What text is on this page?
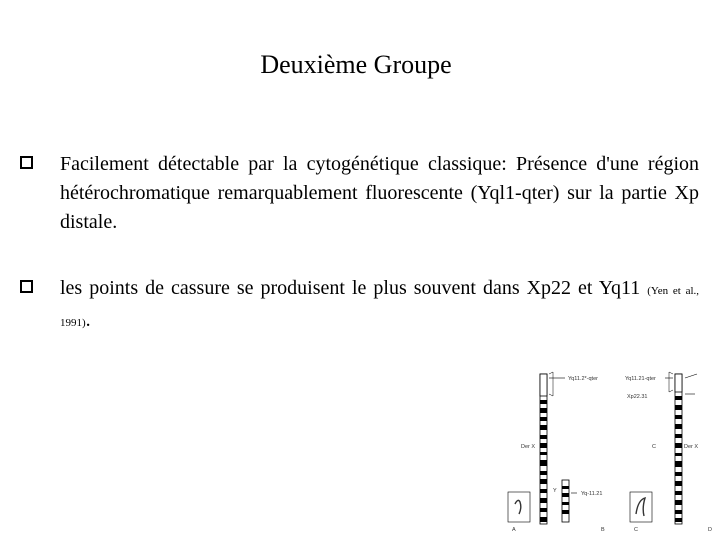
Deuxième Groupe
Facilement détectable par la cytogénétique classique: Présence d'une région hétérochromatique remarquablement fluorescente (Yql1-qter) sur la partie Xp distale.
les points de cassure se produisent le plus souvent dans Xp22 et Yq11 (Yen et al., 1991).
Yq11.2*-qter
Der X
Y	Yq-11.21
Yq11.21-qter
Xp22.31
C	Der X
A	C
B	D
